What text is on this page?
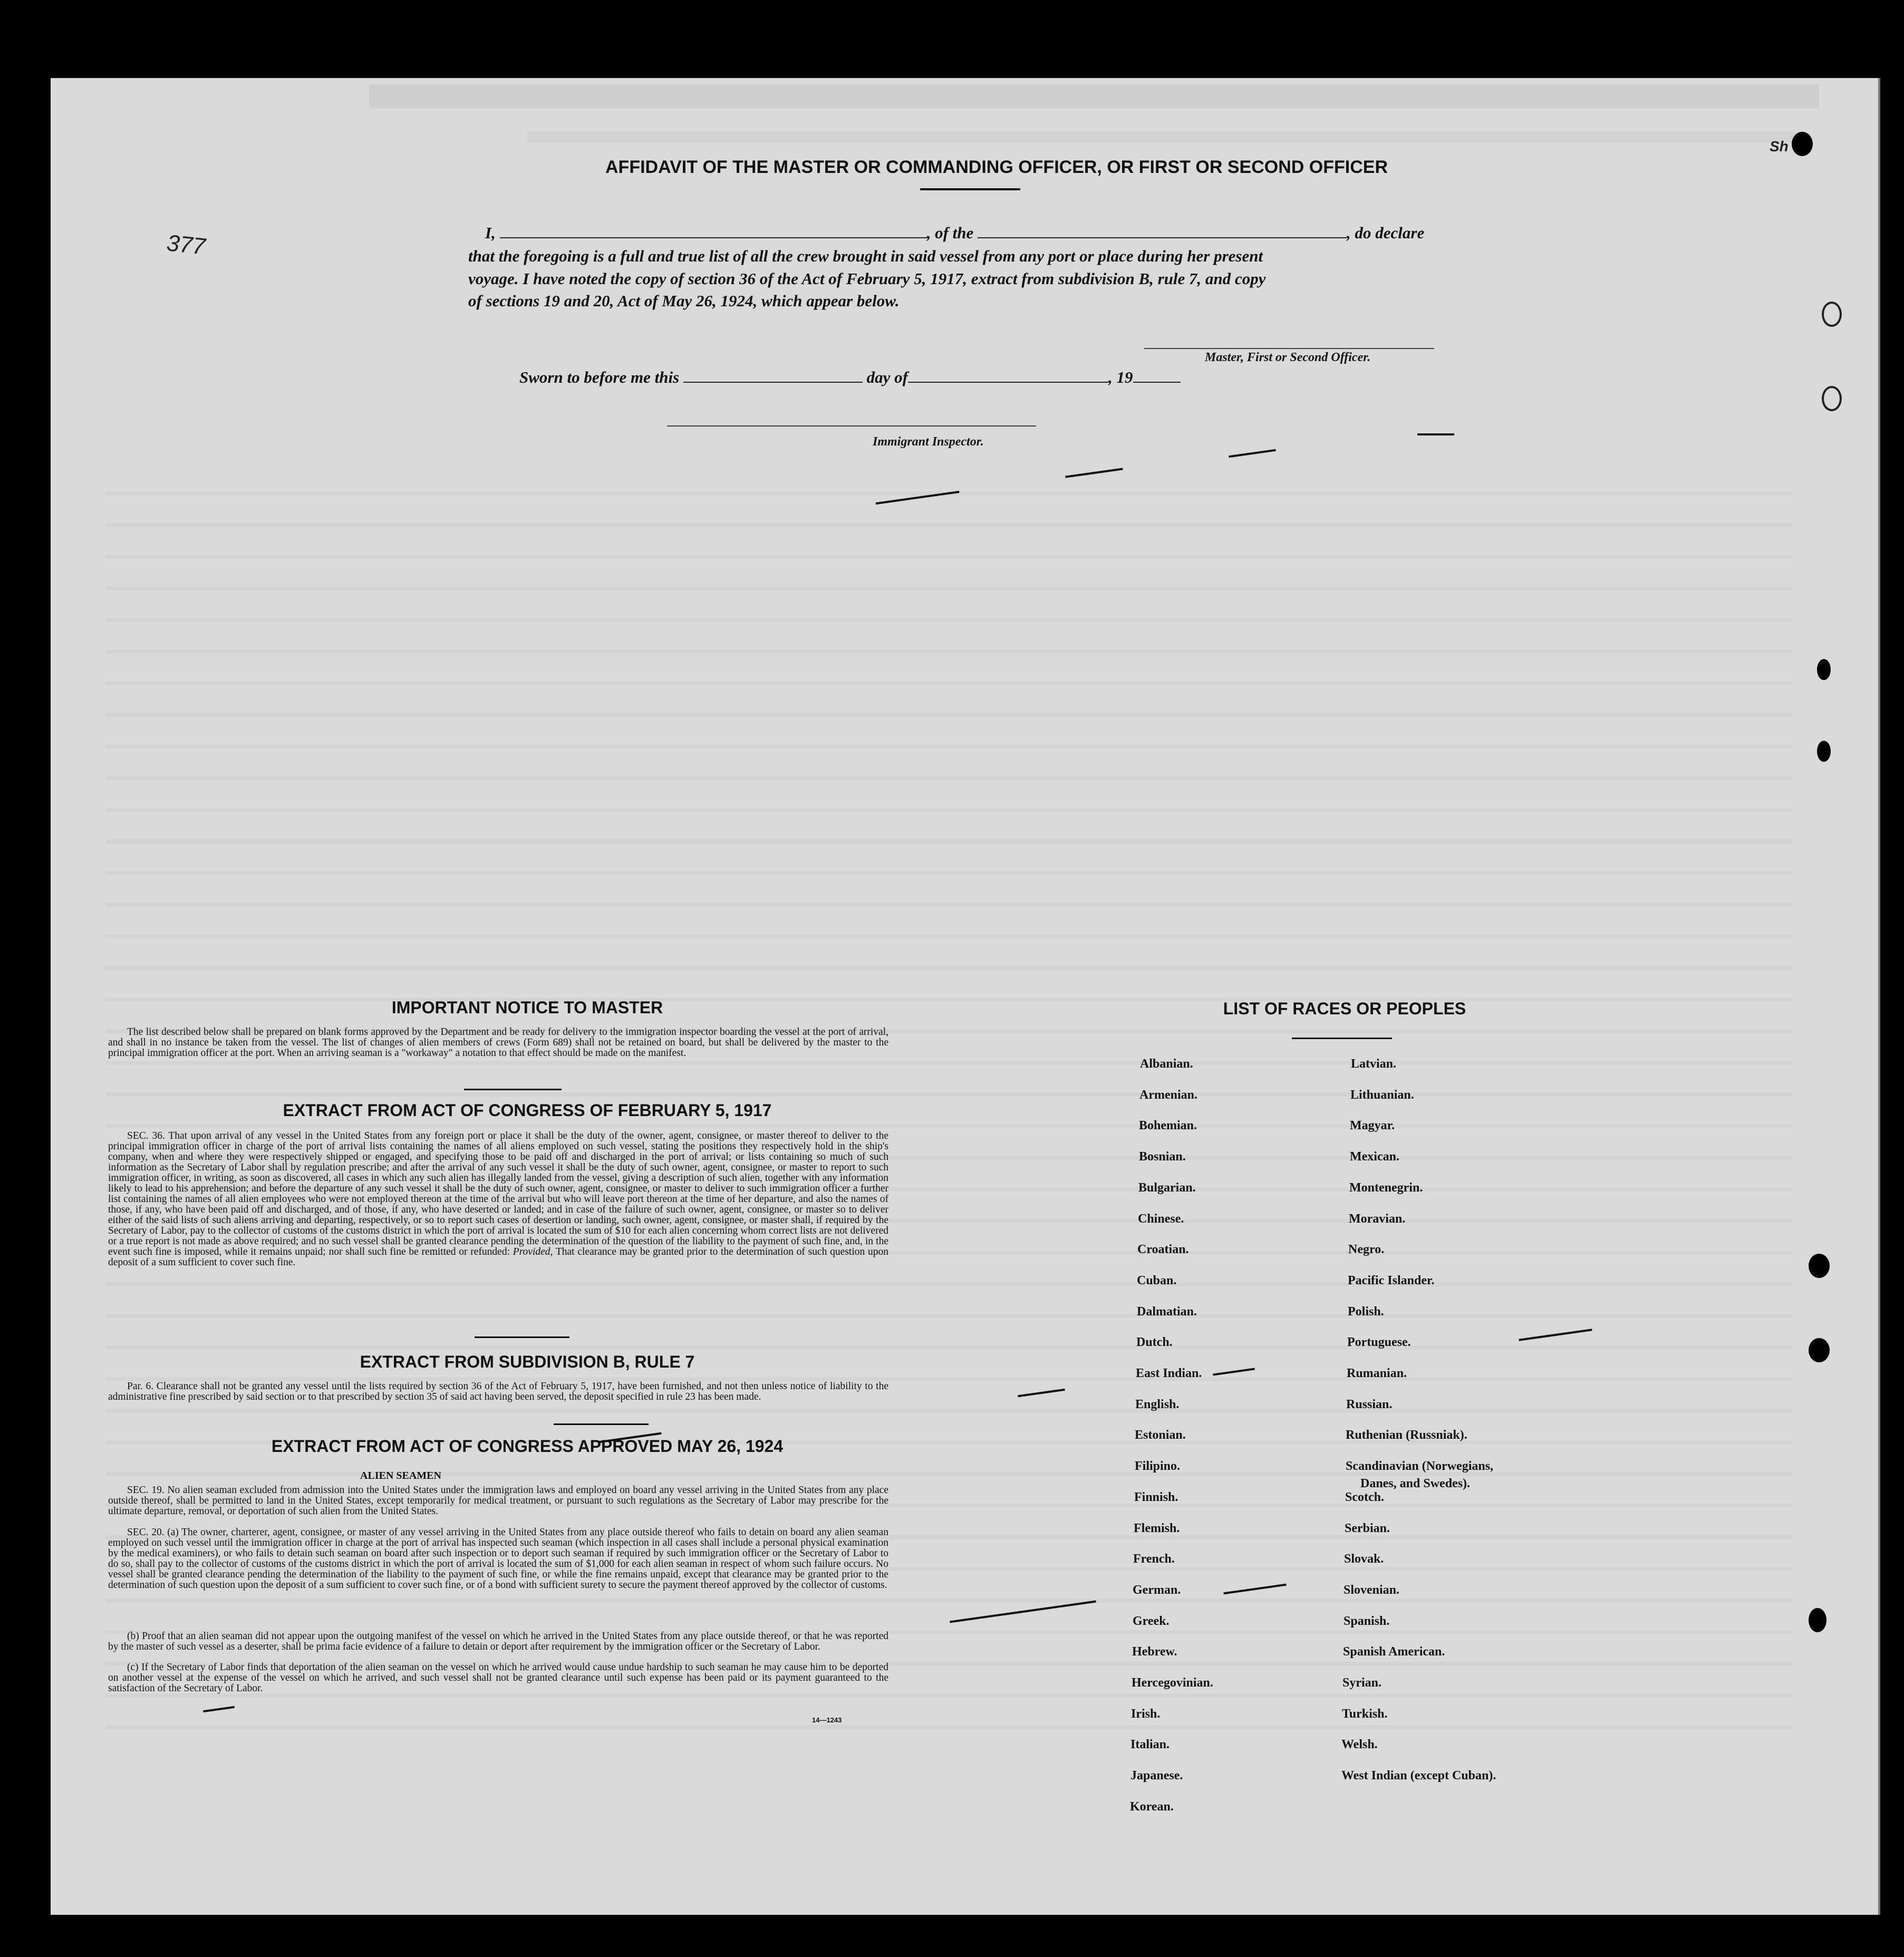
377
Sh
AFFIDAVIT OF THE MASTER OR COMMANDING OFFICER, OR FIRST OR SECOND OFFICER
I,	, of the	, do declare
that the foregoing is a full and true list of all the crew brought in said vessel from any port or place during her present
voyage. I have noted the copy of section 36 of the Act of February 5, 1917, extract from subdivision B, rule 7, and copy
of sections 19 and 20, Act of May 26, 1924, which appear below.
Master, First or Second Officer.
Sworn to before me this	day of	, 19
Immigrant Inspector.
IMPORTANT NOTICE TO MASTER

The list described below shall be prepared on blank forms approved by the Department and be ready for delivery to the immigration inspector boarding the vessel at the port of arrival, and shall in no instance be taken from the vessel. The list of changes of alien members of crews (Form 689) shall not be retained on board, but shall be delivered by the master to the principal immigration officer at the port. When an arriving seaman is a "workaway" a notation to that effect should be made on the manifest.

EXTRACT FROM ACT OF CONGRESS OF FEBRUARY 5, 1917

SEC. 36. That upon arrival of any vessel in the United States from any foreign port or place it shall be the duty of the owner, agent, consignee, or master thereof to deliver to the principal immigration officer in charge of the port of arrival lists containing the names of all aliens employed on such vessel, stating the positions they respectively hold in the ship's company, when and where they were respectively shipped or engaged, and specifying those to be paid off and discharged in the port of arrival; or lists containing so much of such information as the Secretary of Labor shall by regulation prescribe; and after the arrival of any such vessel it shall be the duty of such owner, agent, consignee, or master to report to such immigration officer, in writing, as soon as discovered, all cases in which any such alien has illegally landed from the vessel, giving a description of such alien, together with any information likely to lead to his apprehension; and before the departure of any such vessel it shall be the duty of such owner, agent, consignee, or master to deliver to such immigration officer a further list containing the names of all alien employees who were not employed thereon at the time of the arrival but who will leave port thereon at the time of her departure, and also the names of those, if any, who have been paid off and discharged, and of those, if any, who have deserted or landed; and in case of the failure of such owner, agent, consignee, or master so to deliver either of the said lists of such aliens arriving and departing, respectively, or so to report such cases of desertion or landing, such owner, agent, consignee, or master shall, if required by the Secretary of Labor, pay to the collector of customs of the customs district in which the port of arrival is located the sum of $10 for each alien concerning whom correct lists are not delivered or a true report is not made as above required; and no such vessel shall be granted clearance pending the determination of the question of the liability to the payment of such fine, and, in the event such fine is imposed, while it remains unpaid; nor shall such fine be remitted or refunded: Provided, That clearance may be granted prior to the determination of such question upon deposit of a sum sufficient to cover such fine.

EXTRACT FROM SUBDIVISION B, RULE 7

Par. 6. Clearance shall not be granted any vessel until the lists required by section 36 of the Act of February 5, 1917, have been furnished, and not then unless notice of liability to the administrative fine prescribed by said section or to that prescribed by section 35 of said act having been served, the deposit specified in rule 23 has been made.

EXTRACT FROM ACT OF CONGRESS APPROVED MAY 26, 1924
ALIEN SEAMEN

SEC. 19. No alien seaman excluded from admission into the United States under the immigration laws and employed on board any vessel arriving in the United States from any place outside thereof, shall be permitted to land in the United States, except temporarily for medical treatment, or pursuant to such regulations as the Secretary of Labor may prescribe for the ultimate departure, removal, or deportation of such alien from the United States.

SEC. 20. (a) The owner, charterer, agent, consignee, or master of any vessel arriving in the United States from any place outside thereof who fails to detain on board any alien seaman employed on such vessel until the immigration officer in charge at the port of arrival has inspected such seaman (which inspection in all cases shall include a personal physical examination by the medical examiners), or who fails to detain such seaman on board after such inspection or to deport such seaman if required by such immigration officer or the Secretary of Labor to do so, shall pay to the collector of customs of the customs district in which the port of arrival is located the sum of $1,000 for each alien seaman in respect of whom such failure occurs. No vessel shall be granted clearance pending the determination of the liability to the payment of such fine, or while the fine remains unpaid, except that clearance may be granted prior to the determination of such question upon the deposit of a sum sufficient to cover such fine, or of a bond with sufficient surety to secure the payment thereof approved by the collector of customs.

(b) Proof that an alien seaman did not appear upon the outgoing manifest of the vessel on which he arrived in the United States from any place outside thereof, or that he was reported by the master of such vessel as a deserter, shall be prima facie evidence of a failure to detain or deport after requirement by the immigration officer or the Secretary of Labor.

(c) If the Secretary of Labor finds that deportation of the alien seaman on the vessel on which he arrived would cause undue hardship to such seaman he may cause him to be deported on another vessel at the expense of the vessel on which he arrived, and such vessel shall not be granted clearance until such expense has been paid or its payment guaranteed to the satisfaction of the Secretary of Labor.

14—1243
LIST OF RACES OR PEOPLES
Albanian.
Armenian.
Bohemian.
Bosnian.
Bulgarian.
Chinese.
Croatian.
Cuban.
Dalmatian.
Dutch.
East Indian.
English.
Estonian.
Filipino.
Finnish.
Flemish.
French.
German.
Greek.
Hebrew.
Hercegovinian.
Irish.
Italian.
Japanese.
Korean.
Latvian.
Lithuanian.
Magyar.
Mexican.
Montenegrin.
Moravian.
Negro.
Pacific Islander.
Polish.
Portuguese.
Rumanian.
Russian.
Ruthenian (Russniak).
Scandinavian (Norwegians,
Danes, and Swedes).
Scotch.
Serbian.
Slovak.
Slovenian.
Spanish.
Spanish American.
Syrian.
Turkish.
Welsh.
West Indian (except Cuban).
